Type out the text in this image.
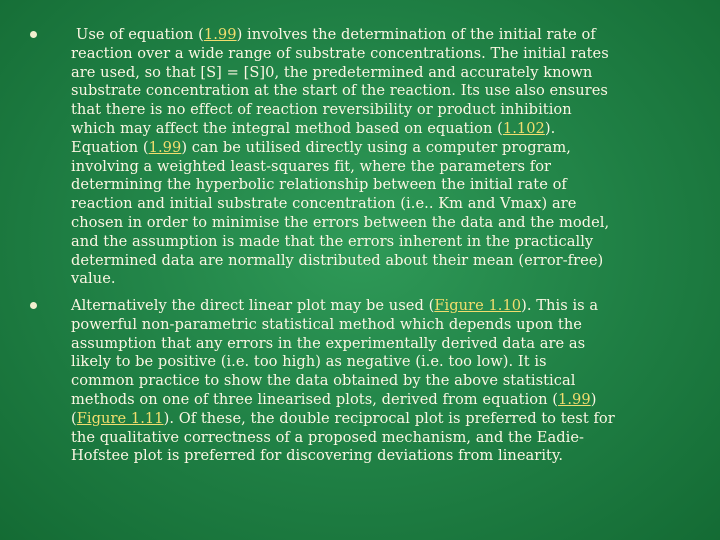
Use of equation (1.99) involves the determination of the initial rate of
reaction over a wide range of substrate concentrations. The initial rates
are used, so that [S] = [S]0, the predetermined and accurately known
substrate concentration at the start of the reaction. Its use also ensures
that there is no effect of reaction reversibility or product inhibition
which may affect the integral method based on equation (1.102).
Equation (1.99) can be utilised directly using a computer program,
involving a weighted least-squares fit, where the parameters for
determining the hyperbolic relationship between the initial rate of
reaction and initial substrate concentration (i.e.. Km and Vmax) are
chosen in order to minimise the errors between the data and the model,
and the assumption is made that the errors inherent in the practically
determined data are normally distributed about their mean (error-free)
value.
Alternatively the direct linear plot may be used (Figure 1.10). This is a
powerful non-parametric statistical method which depends upon the
assumption that any errors in the experimentally derived data are as
likely to be positive (i.e. too high) as negative (i.e. too low). It is
common practice to show the data obtained by the above statistical
methods on one of three linearised plots, derived from equation (1.99)
(Figure 1.11). Of these, the double reciprocal plot is preferred to test for
the qualitative correctness of a proposed mechanism, and the Eadie-
Hofstee plot is preferred for discovering deviations from linearity.
